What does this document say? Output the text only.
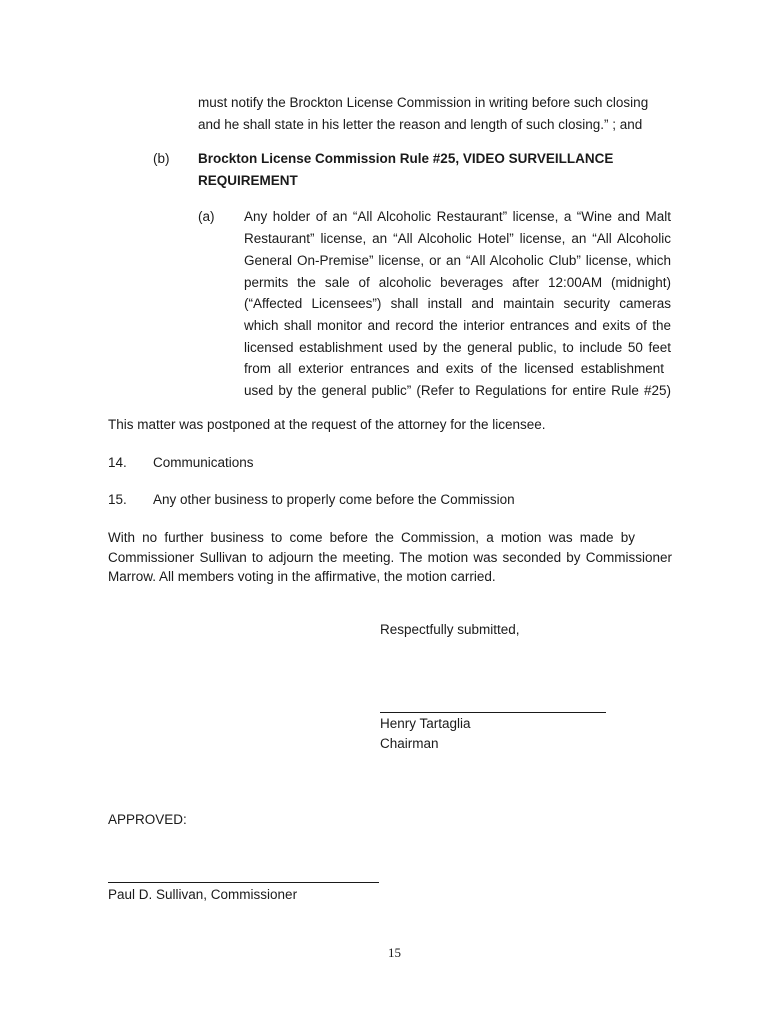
must notify the Brockton License Commission in writing before such closing
and he shall state in his letter the reason and length of such closing.” ; and
(b) Brockton License Commission Rule #25, VIDEO SURVEILLANCE
REQUIREMENT
(a) Any holder of an “All Alcoholic Restaurant” license, a “Wine and Malt
Restaurant” license, an “All Alcoholic Hotel” license, an “All Alcoholic
General On-Premise” license, or an “All Alcoholic Club” license, which
permits the sale of alcoholic beverages after 12:00AM (midnight)
(“Affected Licensees”) shall install and maintain security cameras
which shall monitor and record the interior entrances and exits of the
licensed establishment used by the general public, to include 50 feet
from all exterior entrances and exits of the licensed establishment
used by the general public” (Refer to Regulations for entire Rule #25)
This matter was postponed at the request of the attorney for the licensee.
14. Communications
15. Any other business to properly come before the Commission
With no further business to come before the Commission, a motion was made by
Commissioner Sullivan to adjourn the meeting. The motion was seconded by Commissioner
Marrow. All members voting in the affirmative, the motion carried.
Respectfully submitted,
Henry Tartaglia
Chairman
APPROVED:
Paul D. Sullivan, Commissioner
15
